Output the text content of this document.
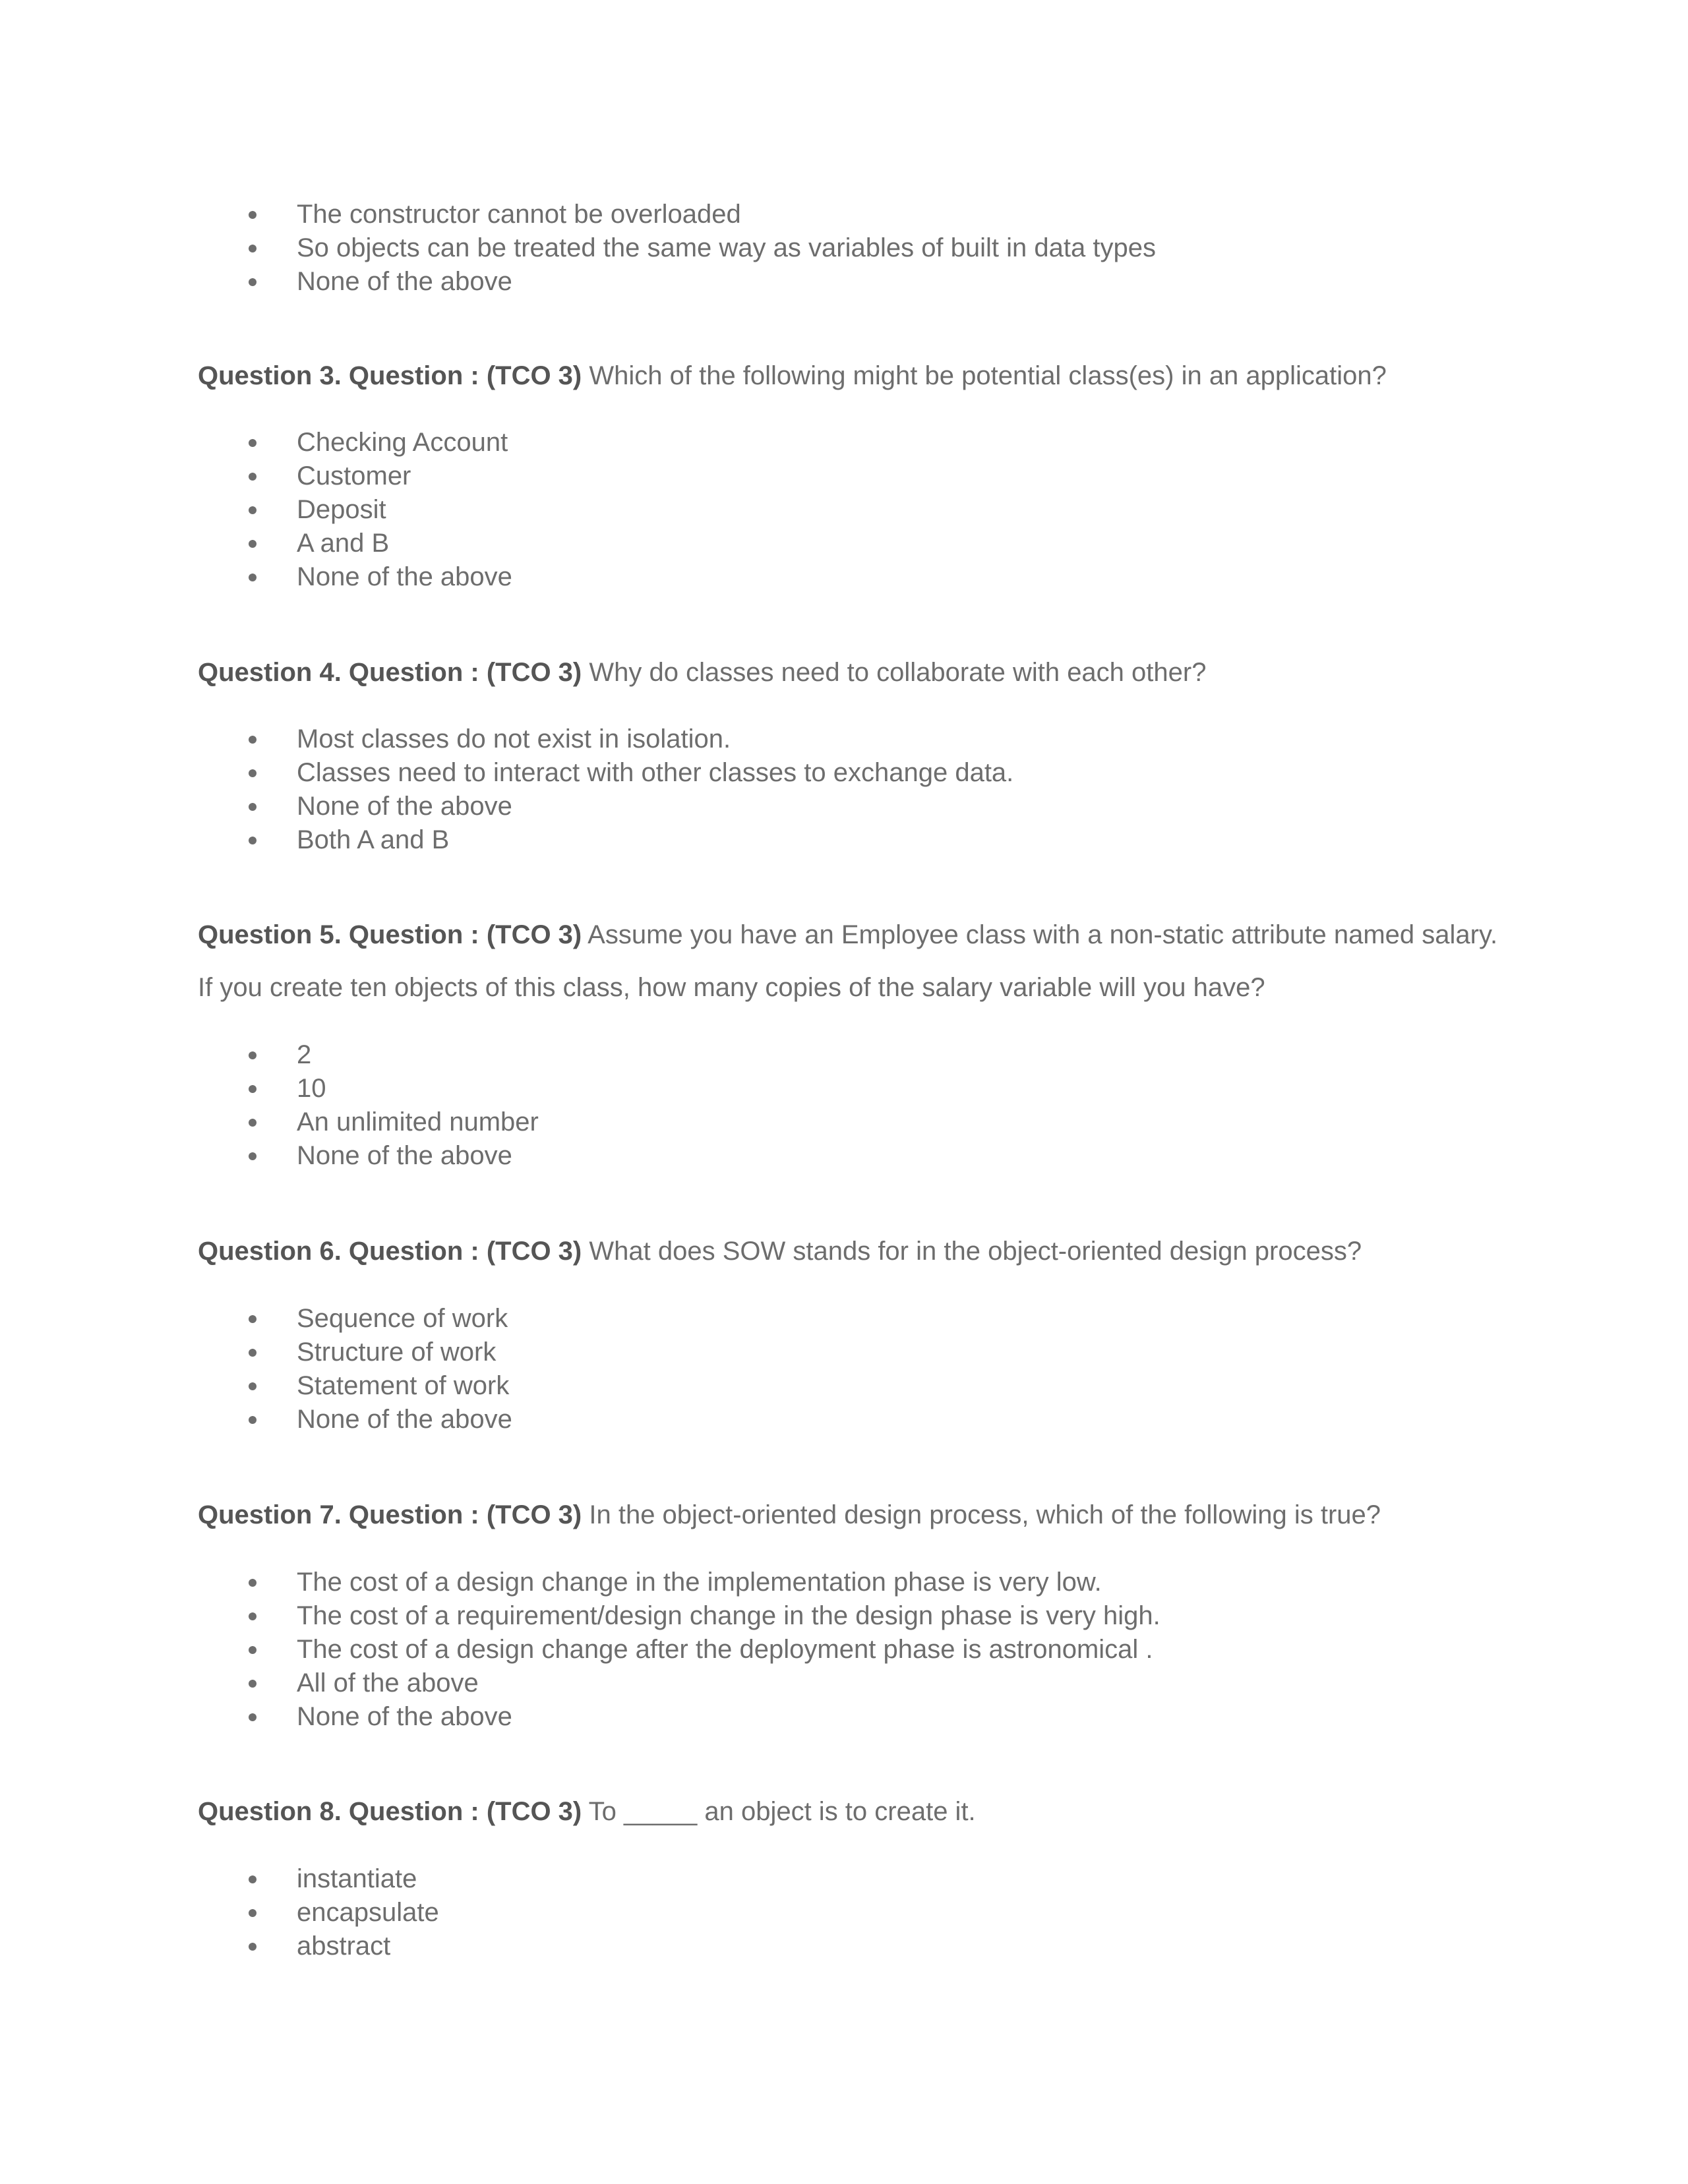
The constructor cannot be overloaded
So objects can be treated the same way as variables of built in data types
None of the above

Question 3. Question : (TCO 3) Which of the following might be potential class(es) in an application?

Checking Account
Customer
Deposit
A and B
None of the above

Question 4. Question : (TCO 3) Why do classes need to collaborate with each other?

Most classes do not exist in isolation.
Classes need to interact with other classes to exchange data.
None of the above
Both A and B

Question 5. Question : (TCO 3) Assume you have an Employee class with a non-static attribute named salary. If you create ten objects of this class, how many copies of the salary variable will you have?

2
10
An unlimited number
None of the above

Question 6. Question : (TCO 3) What does SOW stands for in the object-oriented design process?

Sequence of work
Structure of work
Statement of work
None of the above

Question 7. Question : (TCO 3) In the object-oriented design process, which of the following is true?

The cost of a design change in the implementation phase is very low.
The cost of a requirement/design change in the design phase is very high.
The cost of a design change after the deployment phase is astronomical .
All of the above
None of the above

Question 8. Question : (TCO 3) To _____ an object is to create it.

instantiate
encapsulate
abstract
